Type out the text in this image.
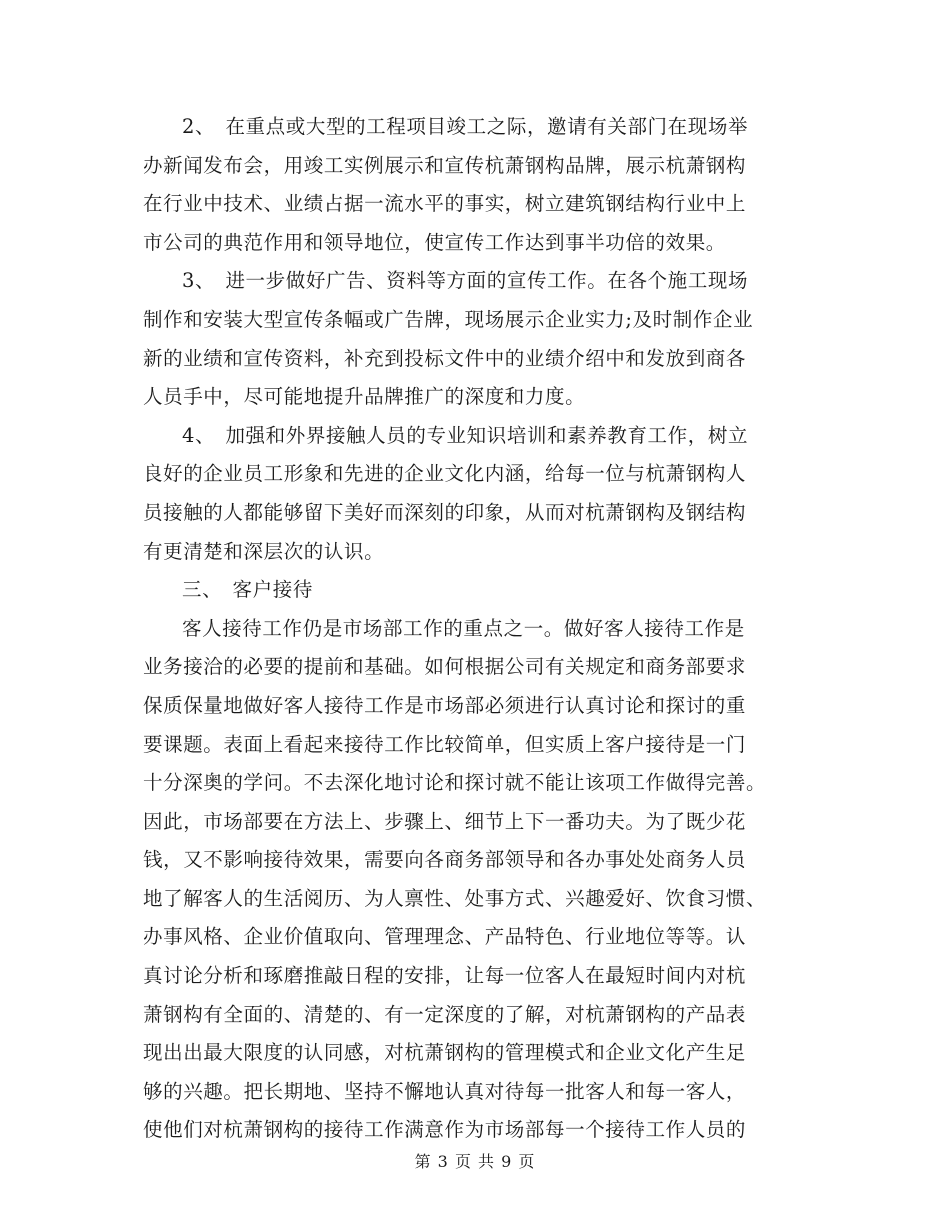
2、　在重点或大型的工程项目竣工之际，邀请有关部门在现场举
办新闻发布会，用竣工实例展示和宣传杭萧钢构品牌，展示杭萧钢构
在行业中技术、业绩占据一流水平的事实，树立建筑钢结构行业中上
市公司的典范作用和领导地位，使宣传工作达到事半功倍的效果。

3、　进一步做好广告、资料等方面的宣传工作。在各个施工现场
制作和安装大型宣传条幅或广告牌，现场展示企业实力;及时制作企业
新的业绩和宣传资料，补充到投标文件中的业绩介绍中和发放到商各
人员手中，尽可能地提升品牌推广的深度和力度。

4、　加强和外界接触人员的专业知识培训和素养教育工作，树立
良好的企业员工形象和先进的企业文化内涵，给每一位与杭萧钢构人
员接触的人都能够留下美好而深刻的印象，从而对杭萧钢构及钢结构
有更清楚和深层次的认识。

三、　客户接待

客人接待工作仍是市场部工作的重点之一。做好客人接待工作是
业务接洽的必要的提前和基础。如何根据公司有关规定和商务部要求
保质保量地做好客人接待工作是市场部必须进行认真讨论和探讨的重
要课题。表面上看起来接待工作比较简单，但实质上客户接待是一门
十分深奥的学问。不去深化地讨论和探讨就不能让该项工作做得完善。
因此，市场部要在方法上、步骤上、细节上下一番功夫。为了既少花
钱，又不影响接待效果，需要向各商务部领导和各办事处处商务人员
地了解客人的生活阅历、为人禀性、处事方式、兴趣爱好、饮食习惯、
办事风格、企业价值取向、管理理念、产品特色、行业地位等等。认
真讨论分析和琢磨推敲日程的安排，让每一位客人在最短时间内对杭
萧钢构有全面的、清楚的、有一定深度的了解，对杭萧钢构的产品表
现出出最大限度的认同感，对杭萧钢构的管理模式和企业文化产生足
够的兴趣。把长期地、坚持不懈地认真对待每一批客人和每一客人，
使他们对杭萧钢构的接待工作满意作为市场部每一个接待工作人员的

第 3 页 共 9 页
